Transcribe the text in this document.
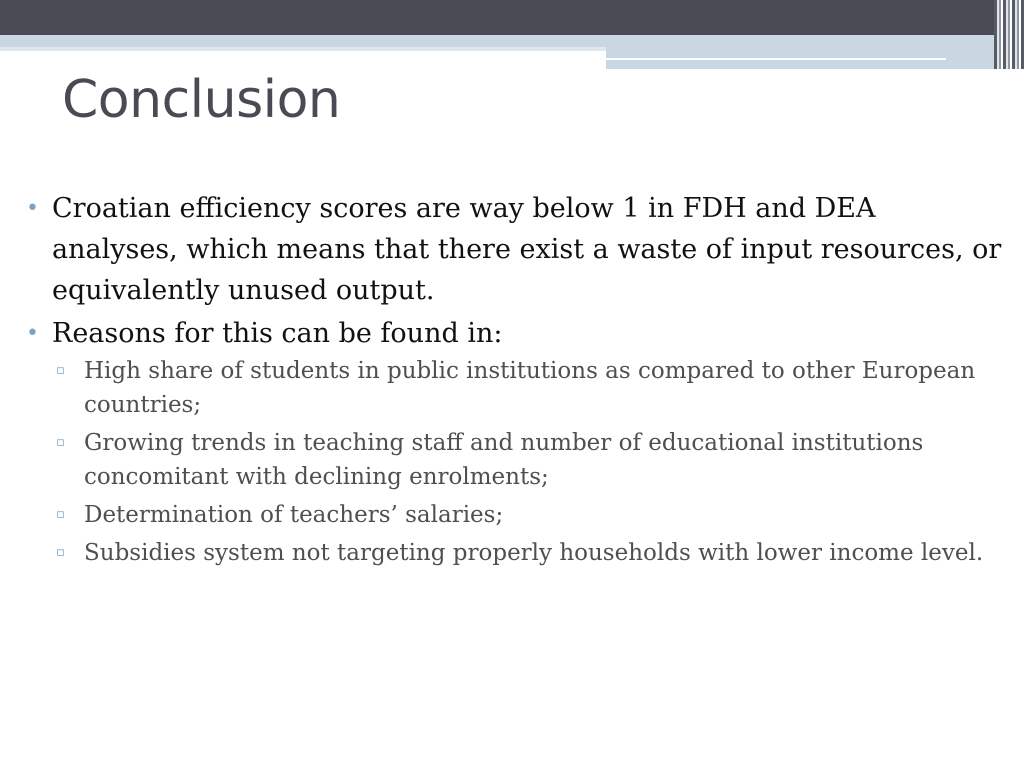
Conclusion
• Croatian efficiency scores are way below 1 in FDH and DEA analyses, which means that there exist a waste of input resources, or equivalently unused output.
• Reasons for this can be found in:
▫ High share of students in public institutions as compared to other European countries;
▫ Growing trends in teaching staff and number of educational institutions concomitant with declining enrolments;
▫ Determination of teachers’ salaries;
▫ Subsidies system not targeting properly households with lower income level.
